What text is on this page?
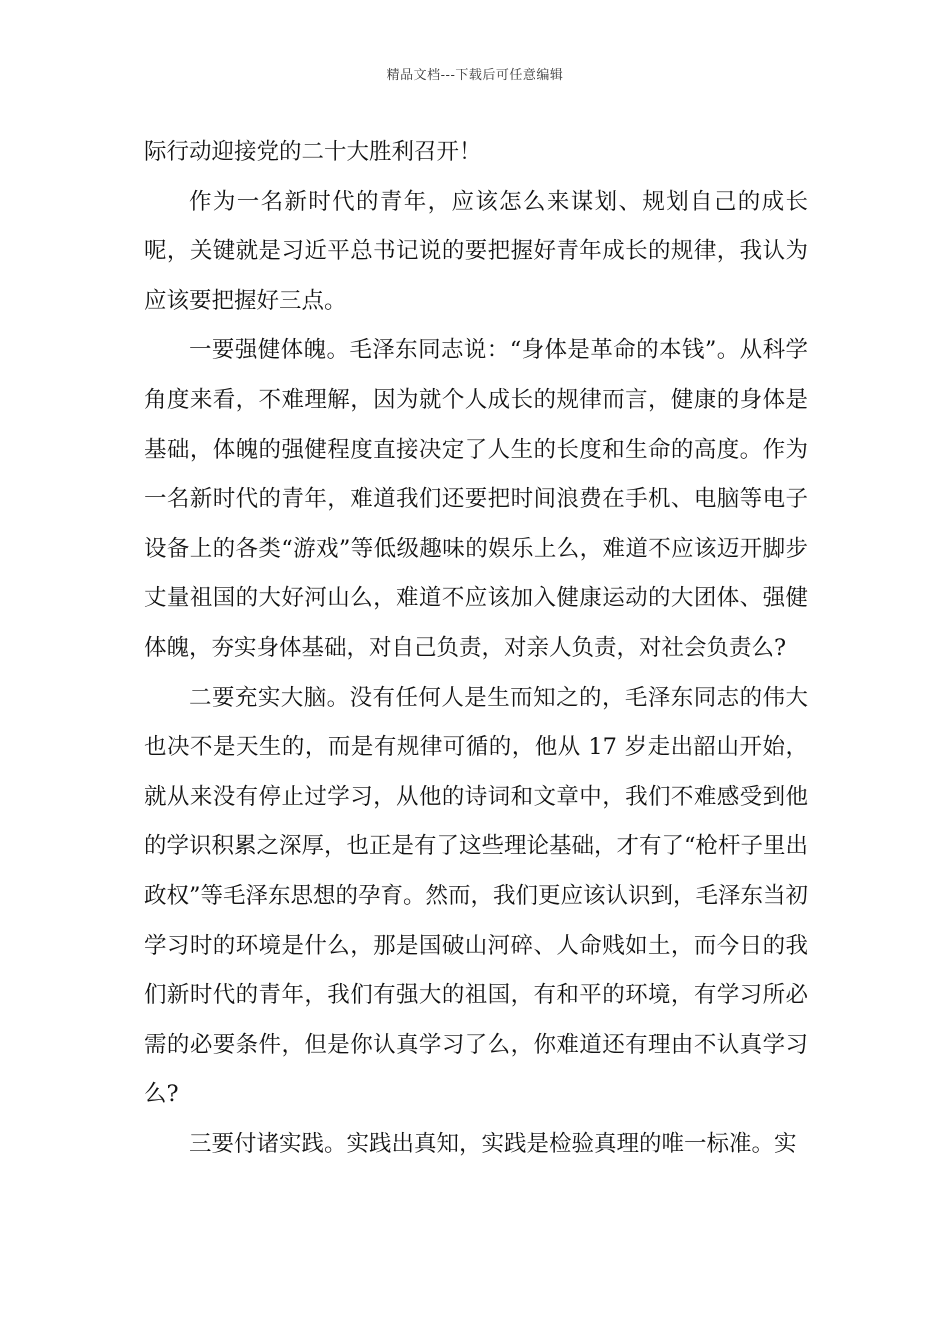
精品文档---下载后可任意编辑

际行动迎接党的二十大胜利召开！

作为一名新时代的青年，应该怎么来谋划、规划自己的成长呢，关键就是习近平总书记说的要把握好青年成长的规律，我认为应该要把握好三点。

一要强健体魄。毛泽东同志说：“身体是革命的本钱”。从科学角度来看，不难理解，因为就个人成长的规律而言，健康的身体是基础，体魄的强健程度直接决定了人生的长度和生命的高度。作为一名新时代的青年，难道我们还要把时间浪费在手机、电脑等电子设备上的各类“游戏”等低级趣味的娱乐上么，难道不应该迈开脚步丈量祖国的大好河山么，难道不应该加入健康运动的大团体、强健体魄，夯实身体基础，对自己负责，对亲人负责，对社会负责么?

二要充实大脑。没有任何人是生而知之的，毛泽东同志的伟大也决不是天生的，而是有规律可循的，他从 17 岁走出韶山开始，就从来没有停止过学习，从他的诗词和文章中，我们不难感受到他的学识积累之深厚，也正是有了这些理论基础，才有了“枪杆子里出政权”等毛泽东思想的孕育。然而，我们更应该认识到，毛泽东当初学习时的环境是什么，那是国破山河碎、人命贱如土，而今日的我们新时代的青年，我们有强大的祖国，有和平的环境，有学习所必需的必要条件，但是你认真学习了么，你难道还有理由不认真学习么?

三要付诸实践。实践出真知，实践是检验真理的唯一标准。实
